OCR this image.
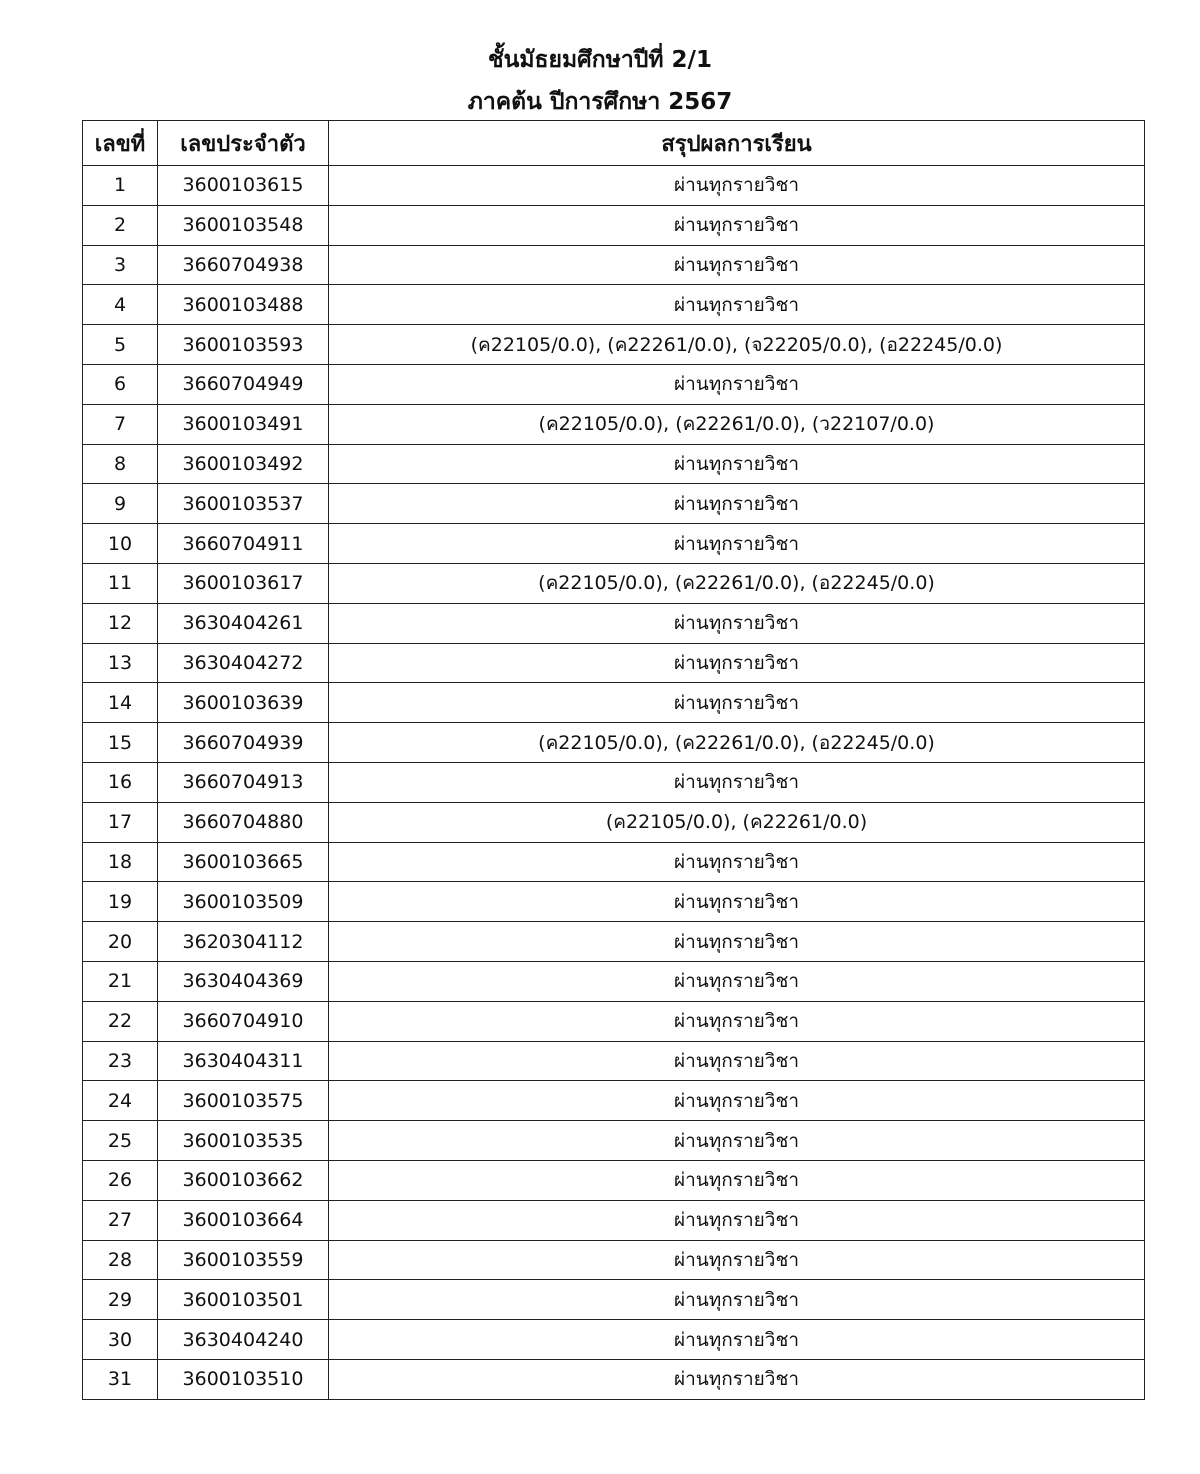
ชั้นมัธยมศึกษาปีที่ 2/1
ภาคต้น ปีการศึกษา 2567
เลขที่	เลขประจำตัว	สรุปผลการเรียน
1	3600103615	ผ่านทุกรายวิชา
2	3600103548	ผ่านทุกรายวิชา
3	3660704938	ผ่านทุกรายวิชา
4	3600103488	ผ่านทุกรายวิชา
5	3600103593	(ค22105/0.0), (ค22261/0.0), (จ22205/0.0), (อ22245/0.0)
6	3660704949	ผ่านทุกรายวิชา
7	3600103491	(ค22105/0.0), (ค22261/0.0), (ว22107/0.0)
8	3600103492	ผ่านทุกรายวิชา
9	3600103537	ผ่านทุกรายวิชา
10	3660704911	ผ่านทุกรายวิชา
11	3600103617	(ค22105/0.0), (ค22261/0.0), (อ22245/0.0)
12	3630404261	ผ่านทุกรายวิชา
13	3630404272	ผ่านทุกรายวิชา
14	3600103639	ผ่านทุกรายวิชา
15	3660704939	(ค22105/0.0), (ค22261/0.0), (อ22245/0.0)
16	3660704913	ผ่านทุกรายวิชา
17	3660704880	(ค22105/0.0), (ค22261/0.0)
18	3600103665	ผ่านทุกรายวิชา
19	3600103509	ผ่านทุกรายวิชา
20	3620304112	ผ่านทุกรายวิชา
21	3630404369	ผ่านทุกรายวิชา
22	3660704910	ผ่านทุกรายวิชา
23	3630404311	ผ่านทุกรายวิชา
24	3600103575	ผ่านทุกรายวิชา
25	3600103535	ผ่านทุกรายวิชา
26	3600103662	ผ่านทุกรายวิชา
27	3600103664	ผ่านทุกรายวิชา
28	3600103559	ผ่านทุกรายวิชา
29	3600103501	ผ่านทุกรายวิชา
30	3630404240	ผ่านทุกรายวิชา
31	3600103510	ผ่านทุกรายวิชา
